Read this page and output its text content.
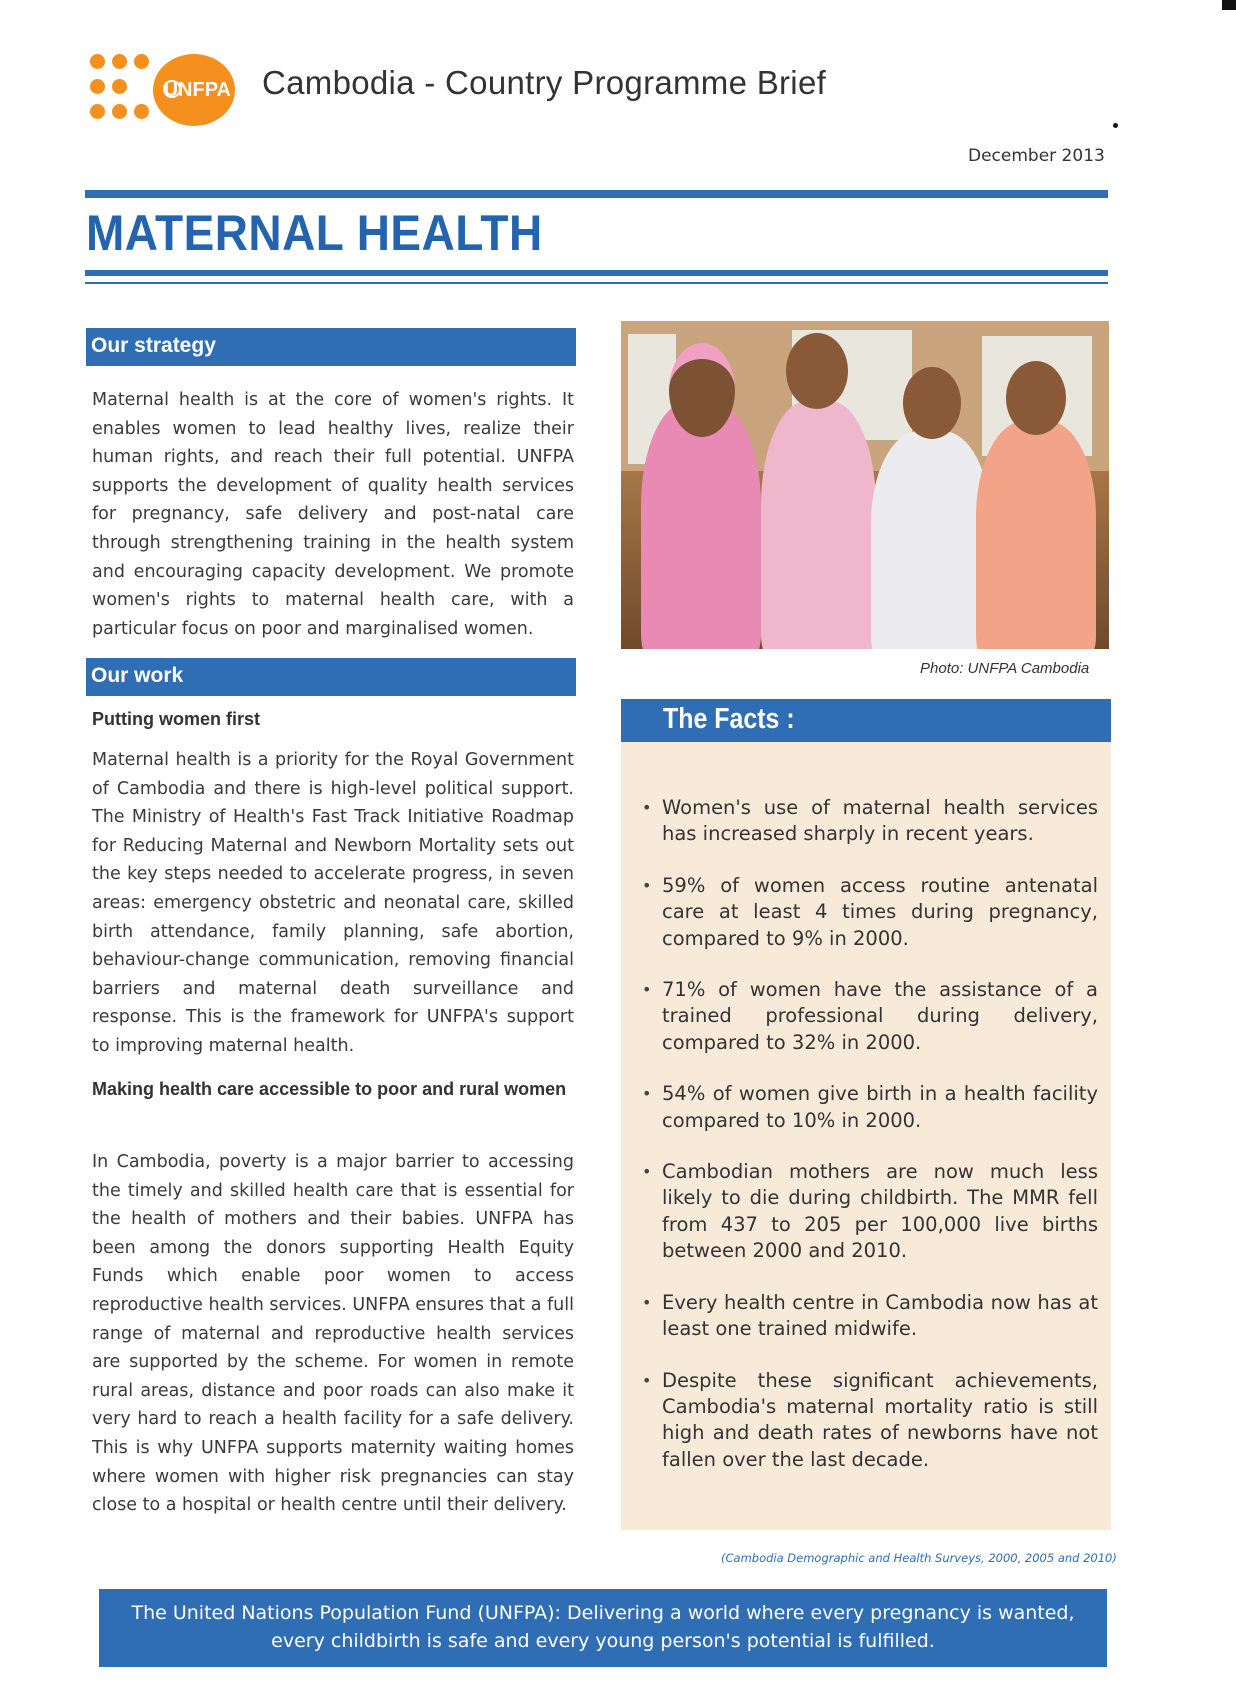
UNFPA Cambodia - Country Programme Brief
December 2013
MATERNAL HEALTH
Our strategy

Maternal health is at the core of women's rights. It enables women to lead healthy lives, realize their human rights, and reach their full potential. UNFPA supports the development of quality health services for pregnancy, safe delivery and post-natal care through strengthening training in the health system and encouraging capacity development. We promote women's rights to maternal health care, with a particular focus on poor and marginalised women.

Our work
Putting women first

Maternal health is a priority for the Royal Government of Cambodia and there is high-level political support. The Ministry of Health's Fast Track Initiative Roadmap for Reducing Maternal and Newborn Mortality sets out the key steps needed to accelerate progress, in seven areas: emergency obstetric and neonatal care, skilled birth attendance, family planning, safe abortion, behaviour-change communication, removing financial barriers and maternal death surveillance and response. This is the framework for UNFPA's support to improving maternal health.

Making health care accessible to poor and rural women

In Cambodia, poverty is a major barrier to accessing the timely and skilled health care that is essential for the health of mothers and their babies. UNFPA has been among the donors supporting Health Equity Funds which enable poor women to access reproductive health services. UNFPA ensures that a full range of maternal and reproductive health services are supported by the scheme. For women in remote rural areas, distance and poor roads can also make it very hard to reach a health facility for a safe delivery. This is why UNFPA supports maternity waiting homes where women with higher risk pregnancies can stay close to a hospital or health centre until their delivery.

Photo: UNFPA Cambodia
The Facts :
• Women's use of maternal health services has increased sharply in recent years.
• 59% of women access routine antenatal care at least 4 times during pregnancy, compared to 9% in 2000.
• 71% of women have the assistance of a trained professional during delivery, compared to 32% in 2000.
• 54% of women give birth in a health facility compared to 10% in 2000.
• Cambodian mothers are now much less likely to die during childbirth. The MMR fell from 437 to 205 per 100,000 live births between 2000 and 2010.
• Every health centre in Cambodia now has at least one trained midwife.
• Despite these significant achievements, Cambodia's maternal mortality ratio is still high and death rates of newborns have not fallen over the last decade.
(Cambodia Demographic and Health Surveys, 2000, 2005 and 2010)
The United Nations Population Fund (UNFPA): Delivering a world where every pregnancy is wanted,
every childbirth is safe and every young person's potential is fulfilled.
